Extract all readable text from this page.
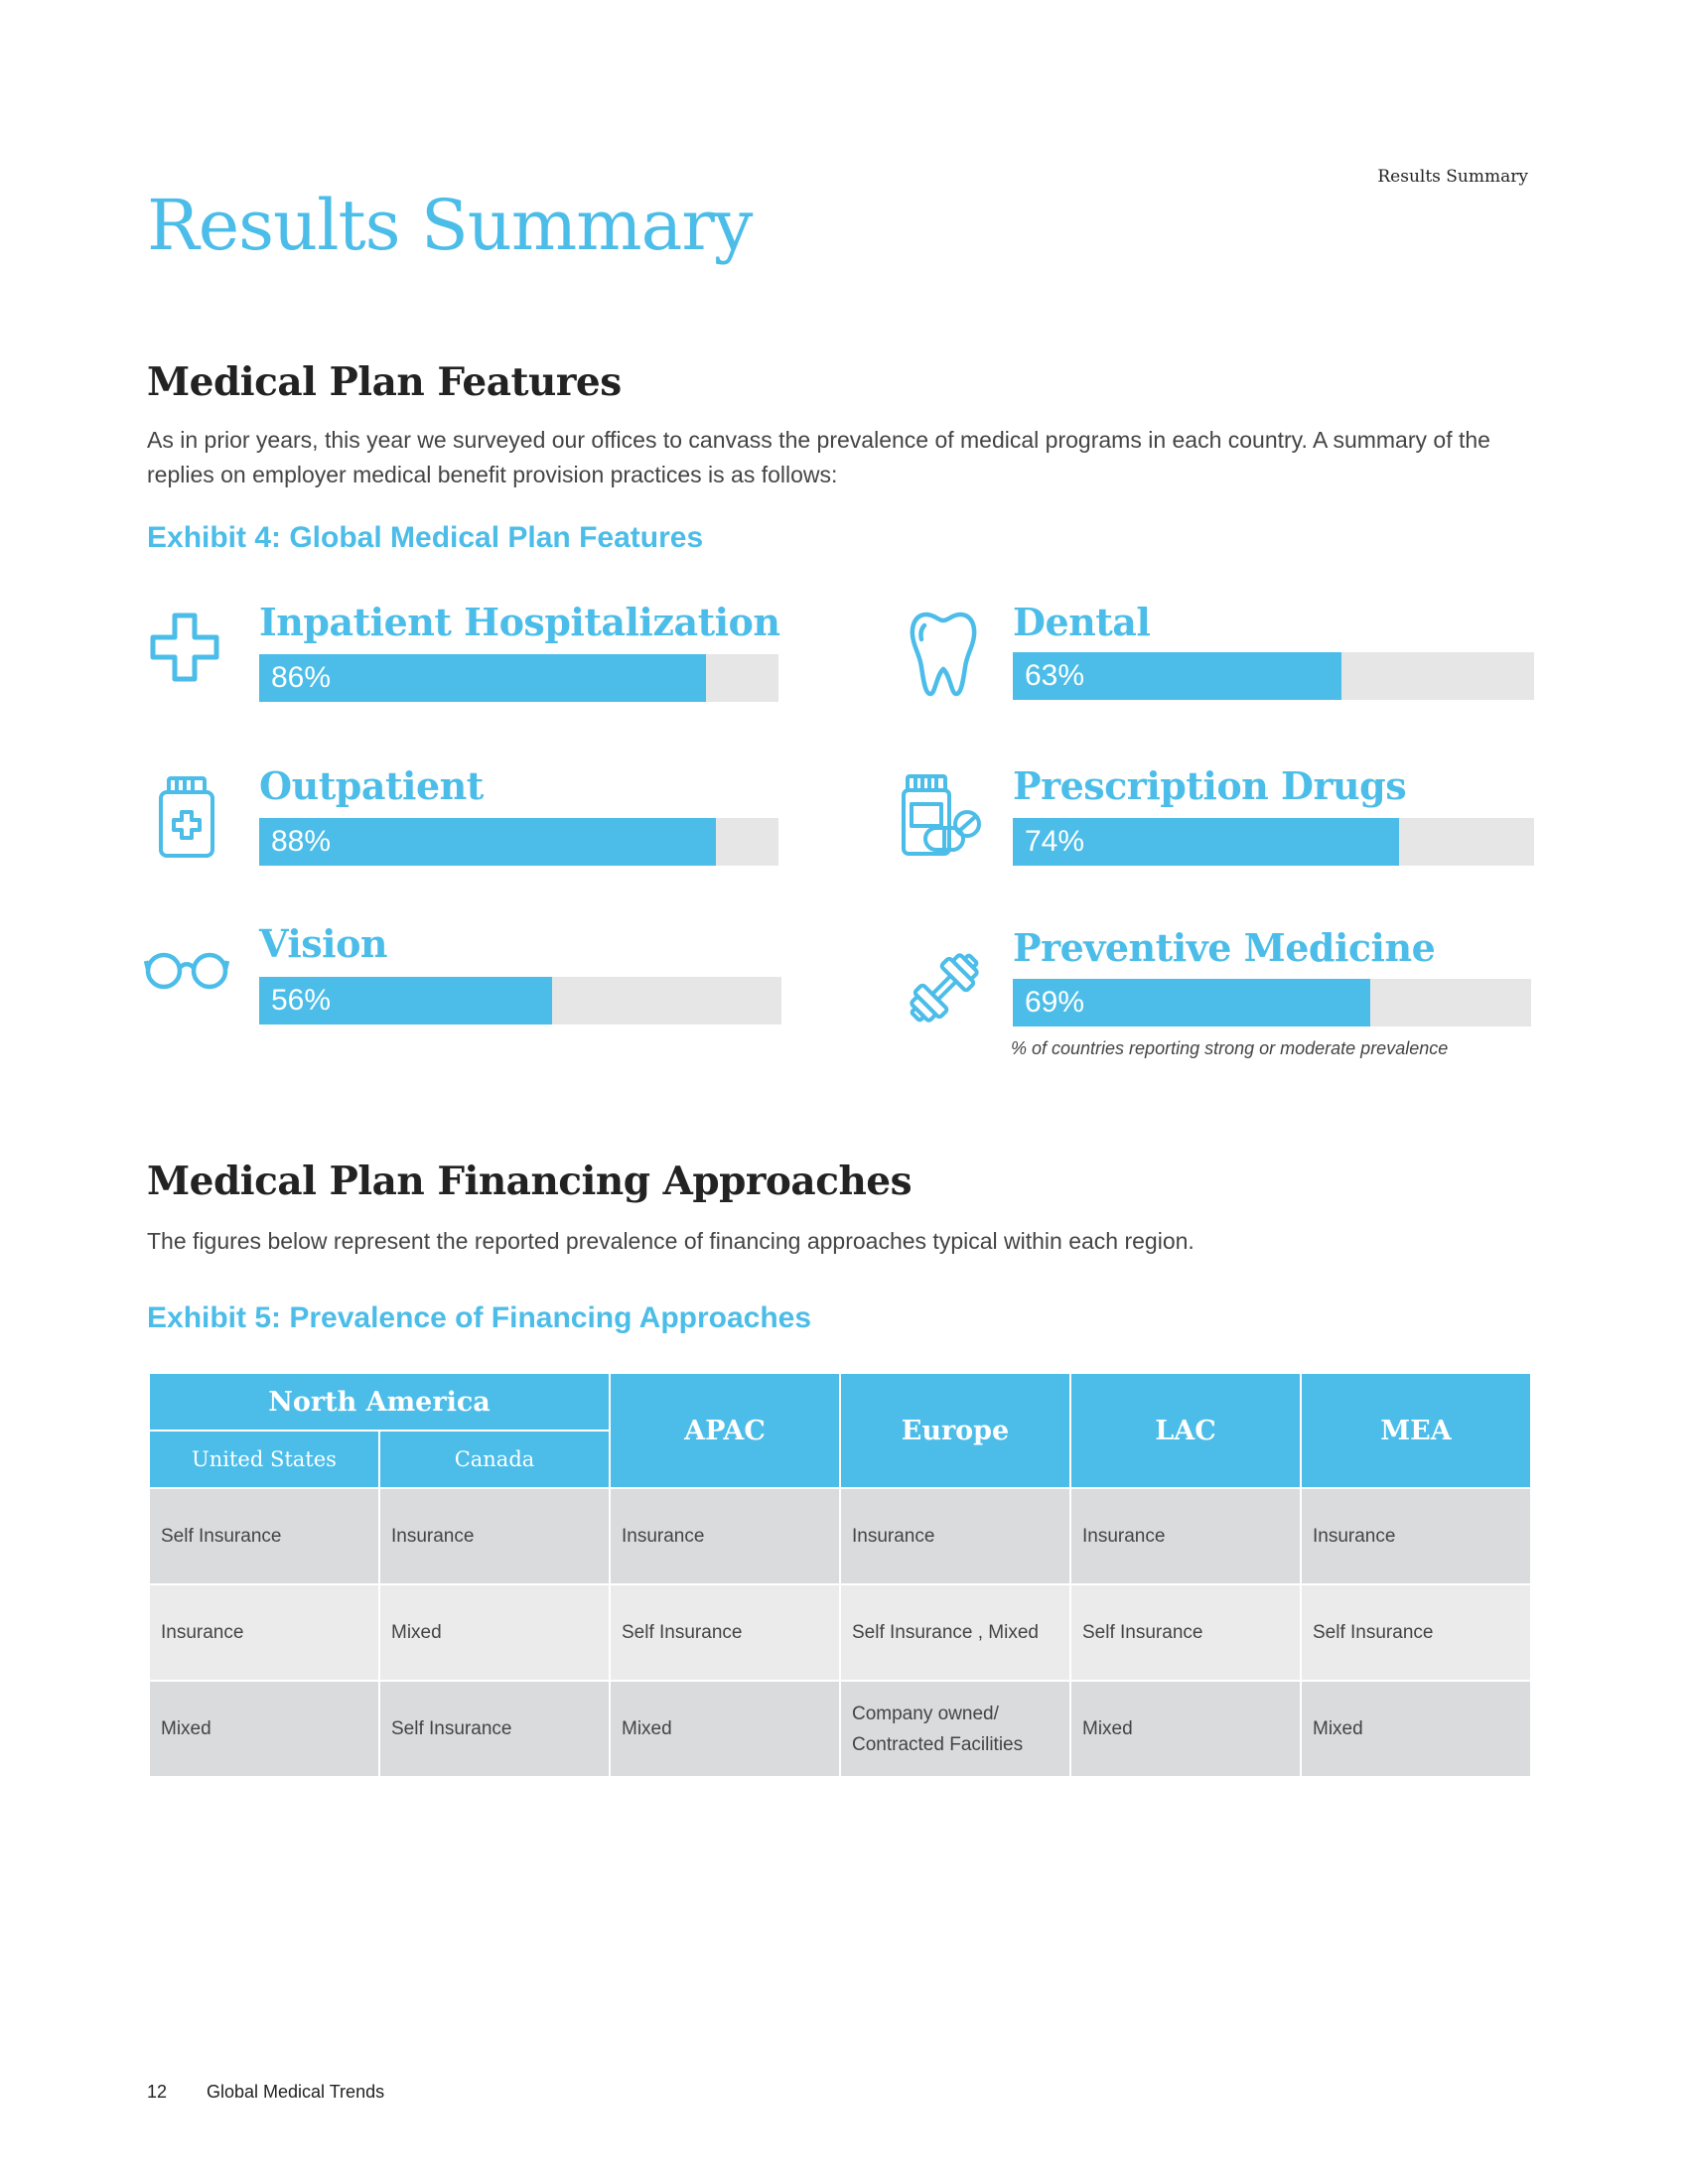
Results Summary
Results Summary
Medical Plan Features

As in prior years, this year we surveyed our offices to canvass the prevalence of medical programs in each country. A summary of the replies on employer medical benefit provision practices is as follows:

Exhibit 4: Global Medical Plan Features
Inpatient Hospitalization
86%
Dental
63%
Outpatient
88%
Prescription Drugs
74%
Vision
56%
Preventive Medicine
69%
% of countries reporting strong or moderate prevalence
Medical Plan Financing Approaches

The figures below represent the reported prevalence of financing approaches typical within each region.

Exhibit 5: Prevalence of Financing Approaches
North America		APAC	Europe	LAC	MEA
United States	Canada				
Self Insurance	Insurance	Insurance	Insurance	Insurance	Insurance
Insurance	Mixed	Self Insurance	Self Insurance , Mixed	Self Insurance	Self Insurance
Mixed	Self Insurance	Mixed	Company owned/ Contracted Facilities	Mixed	Mixed
12 Global Medical Trends
